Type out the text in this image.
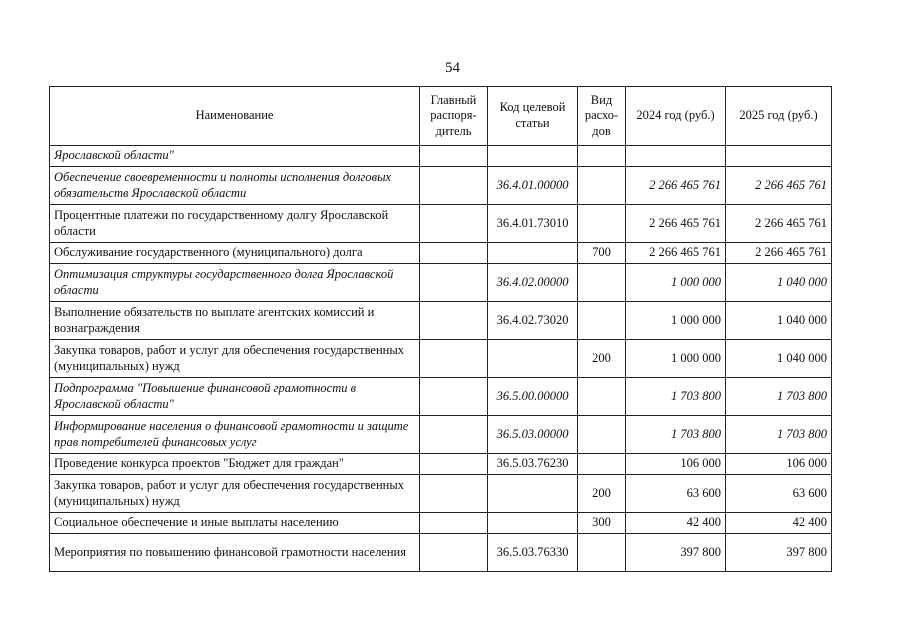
54
Наименование	Главный распоря-дитель	Код целевой статьи	Вид расхо-дов	2024 год (руб.)	2025 год (руб.)
Ярославской области"					
Обеспечение своевременности и полноты исполнения долговых обязательств Ярославской области		36.4.01.00000		2 266 465 761	2 266 465 761
Процентные платежи по государственному долгу Ярославской области		36.4.01.73010		2 266 465 761	2 266 465 761
Обслуживание государственного (муниципального) долга			700	2 266 465 761	2 266 465 761
Оптимизация структуры государственного долга Ярославской области		36.4.02.00000		1 000 000	1 040 000
Выполнение обязательств по выплате агентских комиссий и вознаграждения		36.4.02.73020		1 000 000	1 040 000
Закупка товаров, работ и услуг для обеспечения государственных (муниципальных) нужд			200	1 000 000	1 040 000
Подпрограмма "Повышение финансовой грамотности в Ярославской области"		36.5.00.00000		1 703 800	1 703 800
Информирование населения о финансовой грамотности и защите прав потребителей финансовых услуг		36.5.03.00000		1 703 800	1 703 800
Проведение конкурса проектов "Бюджет для граждан"		36.5.03.76230		106 000	106 000
Закупка товаров, работ и услуг для обеспечения государственных (муниципальных) нужд			200	63 600	63 600
Социальное обеспечение и иные выплаты населению			300	42 400	42 400
Мероприятия по повышению финансовой грамотности населения		36.5.03.76330		397 800	397 800
